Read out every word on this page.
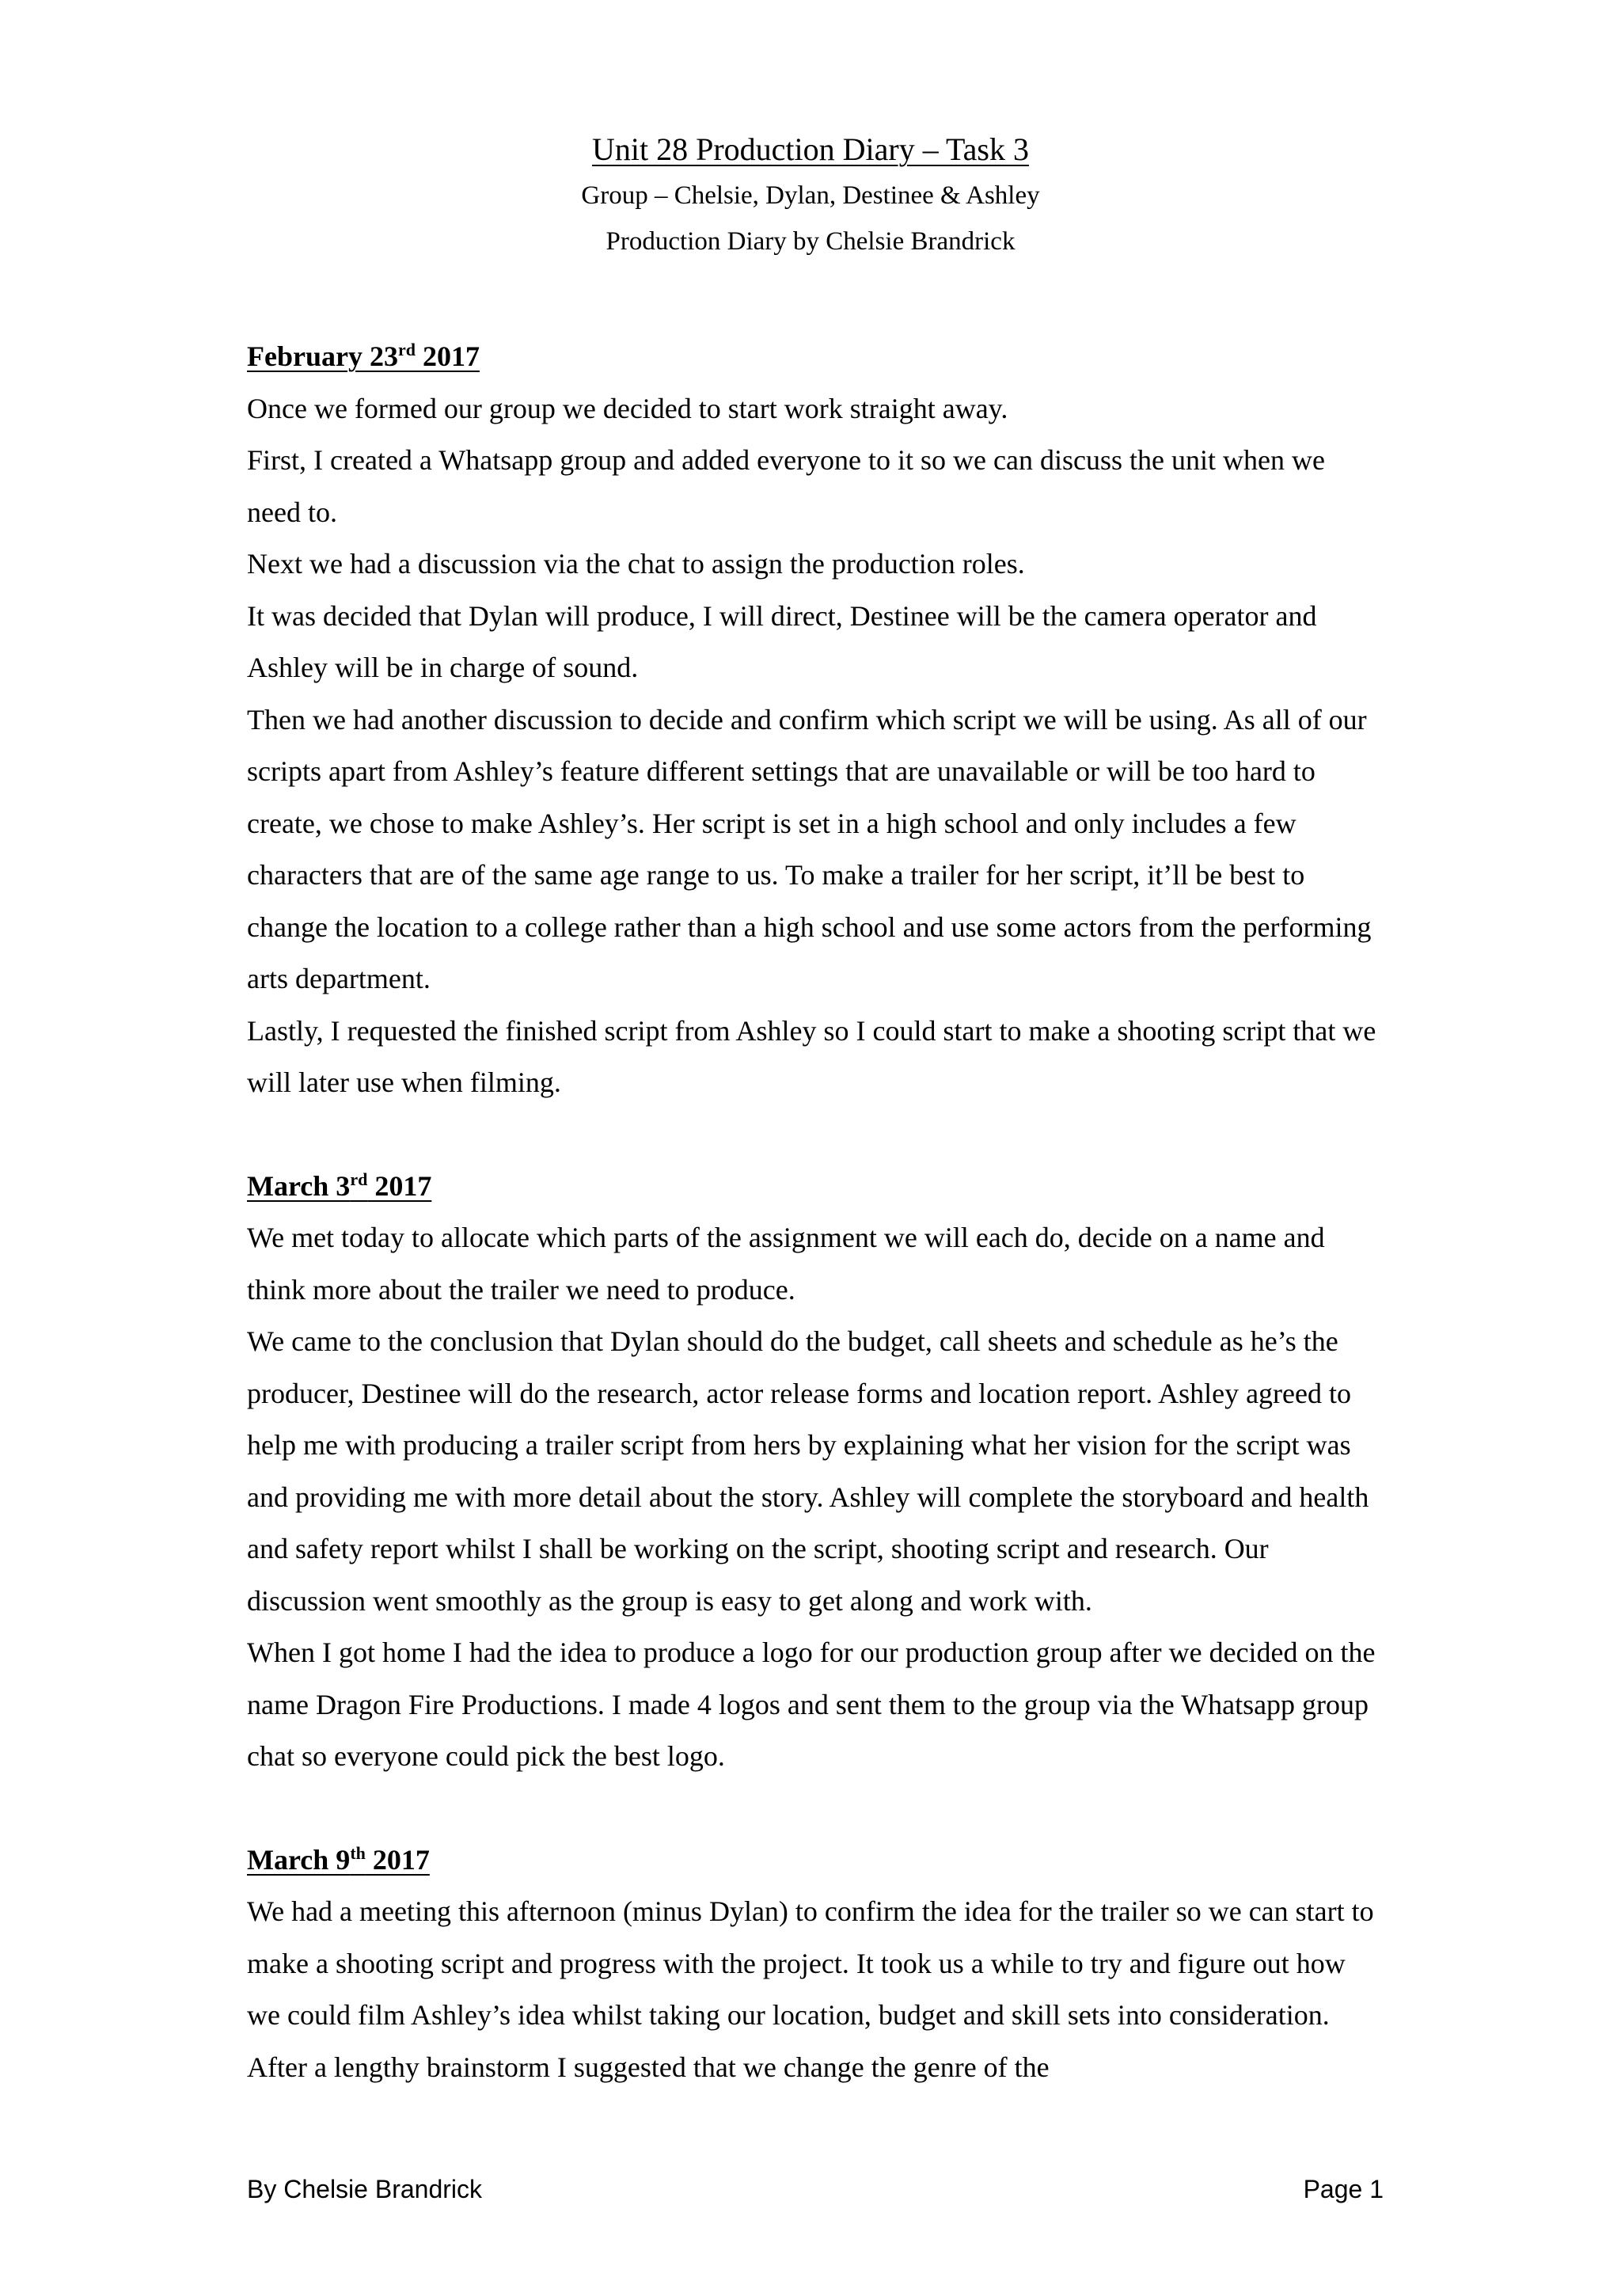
Unit 28 Production Diary – Task 3

Group – Chelsie, Dylan, Destinee & Ashley

Production Diary by Chelsie Brandrick

February 23rd 2017

Once we formed our group we decided to start work straight away.

First, I created a Whatsapp group and added everyone to it so we can discuss the unit when we need to.

Next we had a discussion via the chat to assign the production roles.

It was decided that Dylan will produce, I will direct, Destinee will be the camera operator and Ashley will be in charge of sound.

Then we had another discussion to decide and confirm which script we will be using. As all of our scripts apart from Ashley’s feature different settings that are unavailable or will be too hard to create, we chose to make Ashley’s. Her script is set in a high school and only includes a few characters that are of the same age range to us. To make a trailer for her script, it’ll be best to change the location to a college rather than a high school and use some actors from the performing arts department.

Lastly, I requested the finished script from Ashley so I could start to make a shooting script that we will later use when filming.

March 3rd 2017

We met today to allocate which parts of the assignment we will each do, decide on a name and think more about the trailer we need to produce.

We came to the conclusion that Dylan should do the budget, call sheets and schedule as he’s the producer, Destinee will do the research, actor release forms and location report. Ashley agreed to help me with producing a trailer script from hers by explaining what her vision for the script was and providing me with more detail about the story. Ashley will complete the storyboard and health and safety report whilst I shall be working on the script, shooting script and research. Our discussion went smoothly as the group is easy to get along and work with.

When I got home I had the idea to produce a logo for our production group after we decided on the name Dragon Fire Productions. I made 4 logos and sent them to the group via the Whatsapp group chat so everyone could pick the best logo.

March 9th 2017

We had a meeting this afternoon (minus Dylan) to confirm the idea for the trailer so we can start to make a shooting script and progress with the project. It took us a while to try and figure out how we could film Ashley’s idea whilst taking our location, budget and skill sets into consideration. After a lengthy brainstorm I suggested that we change the genre of the

By Chelsie Brandrick	Page 1
